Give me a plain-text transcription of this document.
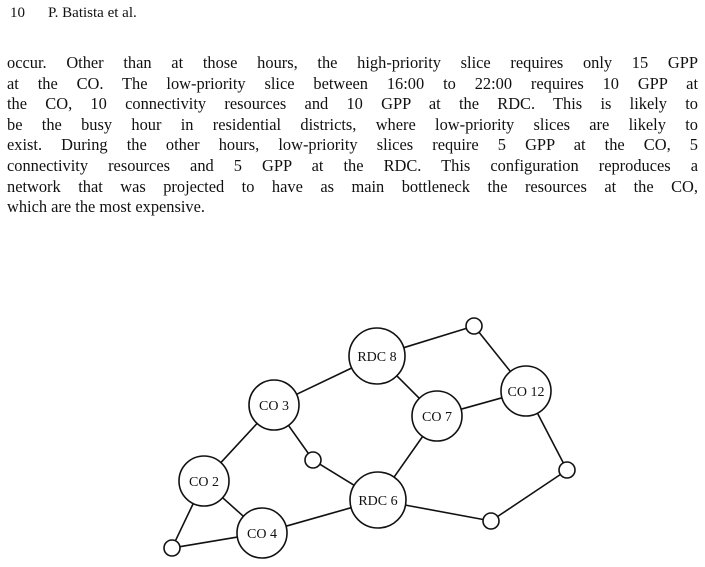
10 P. Batista et al.
occur. Other than at those hours, the high-priority slice requires only 15 GPP
at the CO. The low-priority slice between 16:00 to 22:00 requires 10 GPP at
the CO, 10 connectivity resources and 10 GPP at the RDC. This is likely to
be the busy hour in residential districts, where low-priority slices are likely to
exist. During the other hours, low-priority slices require 5 GPP at the CO, 5
connectivity resources and 5 GPP at the RDC. This configuration reproduces a
network that was projected to have as main bottleneck the resources at the CO,
which are the most expensive.
RDC 8
CO 3
CO 7
CO 12
CO 2
RDC 6
CO 4
